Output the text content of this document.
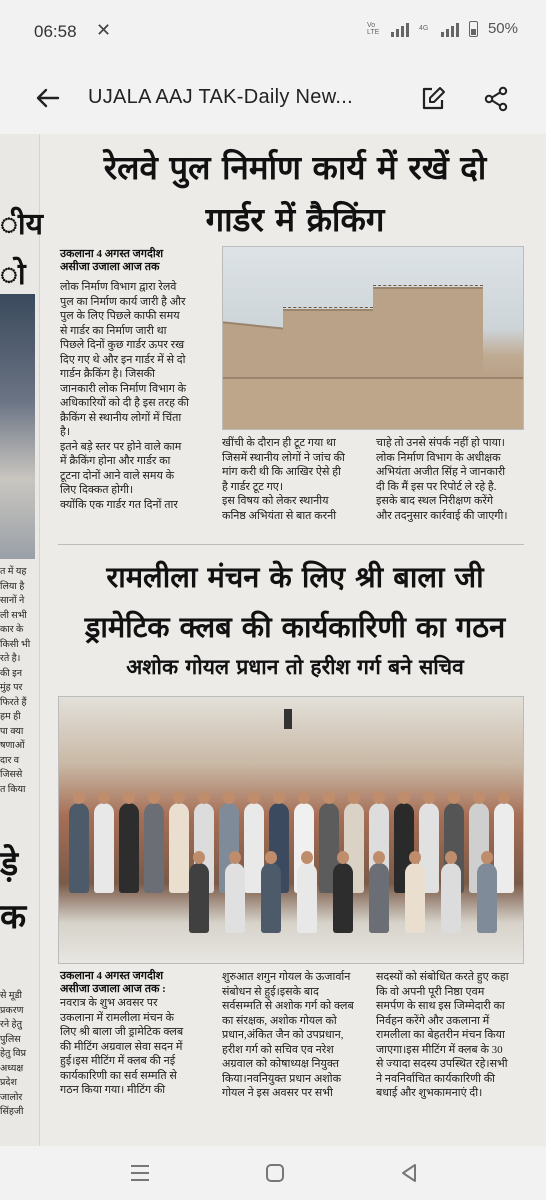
06:58 ✕	Vo LTE	4G	50%
UJALA AAJ TAK-Daily New...
ीय
ो
त में यह
लिया है
सानों ने
ली सभी
कार के
किसी भी
रते है।
की इन
मुंह पर
फिरते हैं
हम ही
पा क्या
षणाओं
दार व
जिससे
त किया
ड़े
क
से मूडी
प्रकरण
रने हेतु
पुलिस
हेतु विप्र
अध्यक्ष
प्रदेश
जालोर
सिंहजी
रेलवे पुल निर्माण कार्य में रखें दो
गार्डर में क्रैकिंग
उकलाना 4 अगस्त जगदीश
असीजा उजाला आज तक
लोक निर्माण विभाग द्वारा रेलवे
पुल का निर्माण कार्य जारी है और
पुल के लिए पिछले काफी समय
से गार्डर का निर्माण जारी था
पिछले दिनों कुछ गार्डर ऊपर रख
दिए गए थे और इन गार्डर में से दो
गार्डन क्रैकिंग है। जिसकी
जानकारी लोक निर्माण विभाग के
अधिकारियों को दी है इस तरह की
क्रैकिंग से स्थानीय लोगों में चिंता
है।
इतने बड़े स्तर पर होने वाले काम
में क्रैकिंग होना और गार्डर का
टूटना दोनों आने वाले समय के
लिए दिक्कत होगी।
क्योंकि एक गार्डर गत दिनों तार
खींची के दौरान ही टूट गया था
जिसमें स्थानीय लोगों ने जांच की
मांग करी थी कि आखिर ऐसे ही
है गार्डर टूट गए।
इस विषय को लेकर स्थानीय
कनिष्ठ अभियंता से बात करनी
चाहे तो उनसे संपर्क नहीं हो पाया।
लोक निर्माण विभाग के अधीक्षक
अभियंता अजीत सिंह ने जानकारी
दी कि मैं इस पर रिपोर्ट ले रहे है.
इसके बाद स्थल निरीक्षण करेंगे
और तदनुसार कार्रवाई की जाएगी।
रामलीला मंचन के लिए श्री बाला जी
ड्रामेटिक क्लब की कार्यकारिणी का गठन
अशोक गोयल प्रधान तो हरीश गर्ग बने सचिव
उकलाना 4 अगस्त जगदीश
असीजा उजाला आज तक :
नवरात्र के शुभ अवसर पर
उकलाना में रामलीला मंचन के
लिए श्री बाला जी ड्रामेटिक क्लब
की मीटिंग अग्रवाल सेवा सदन में
हुई।इस मीटिंग में क्लब की नई
कार्यकारिणी का सर्व सम्मति से
गठन किया गया। मीटिंग की
शुरुआत शगुन गोयल के ऊजार्वान
संबोधन से हुई।इसके बाद
सर्वसम्मति से अशोक गर्ग को क्लब
का संरक्षक, अशोक गोयल को
प्रधान,अंकित जैन को उपप्रधान,
हरीश गर्ग को सचिव एव नरेश
अग्रवाल को कोषाध्यक्ष नियुक्त
किया।नवनियुक्त प्रधान अशोक
गोयल ने इस अवसर पर सभी
सदस्यों को संबोधित करते हुए कहा
कि वो अपनी पूरी निष्ठा एवम
समर्पण के साथ इस जिम्मेदारी का
निर्वहन करेंगे और उकलाना में
रामलीला का बेहतरीन मंचन किया
जाएगा।इस मीटिंग में क्लब के 30
से ज्यादा सदस्य उपस्थित रहे।सभी
ने नवनिर्वाचित कार्यकारिणी की
बधाई और शुभकामनाएं दी।
